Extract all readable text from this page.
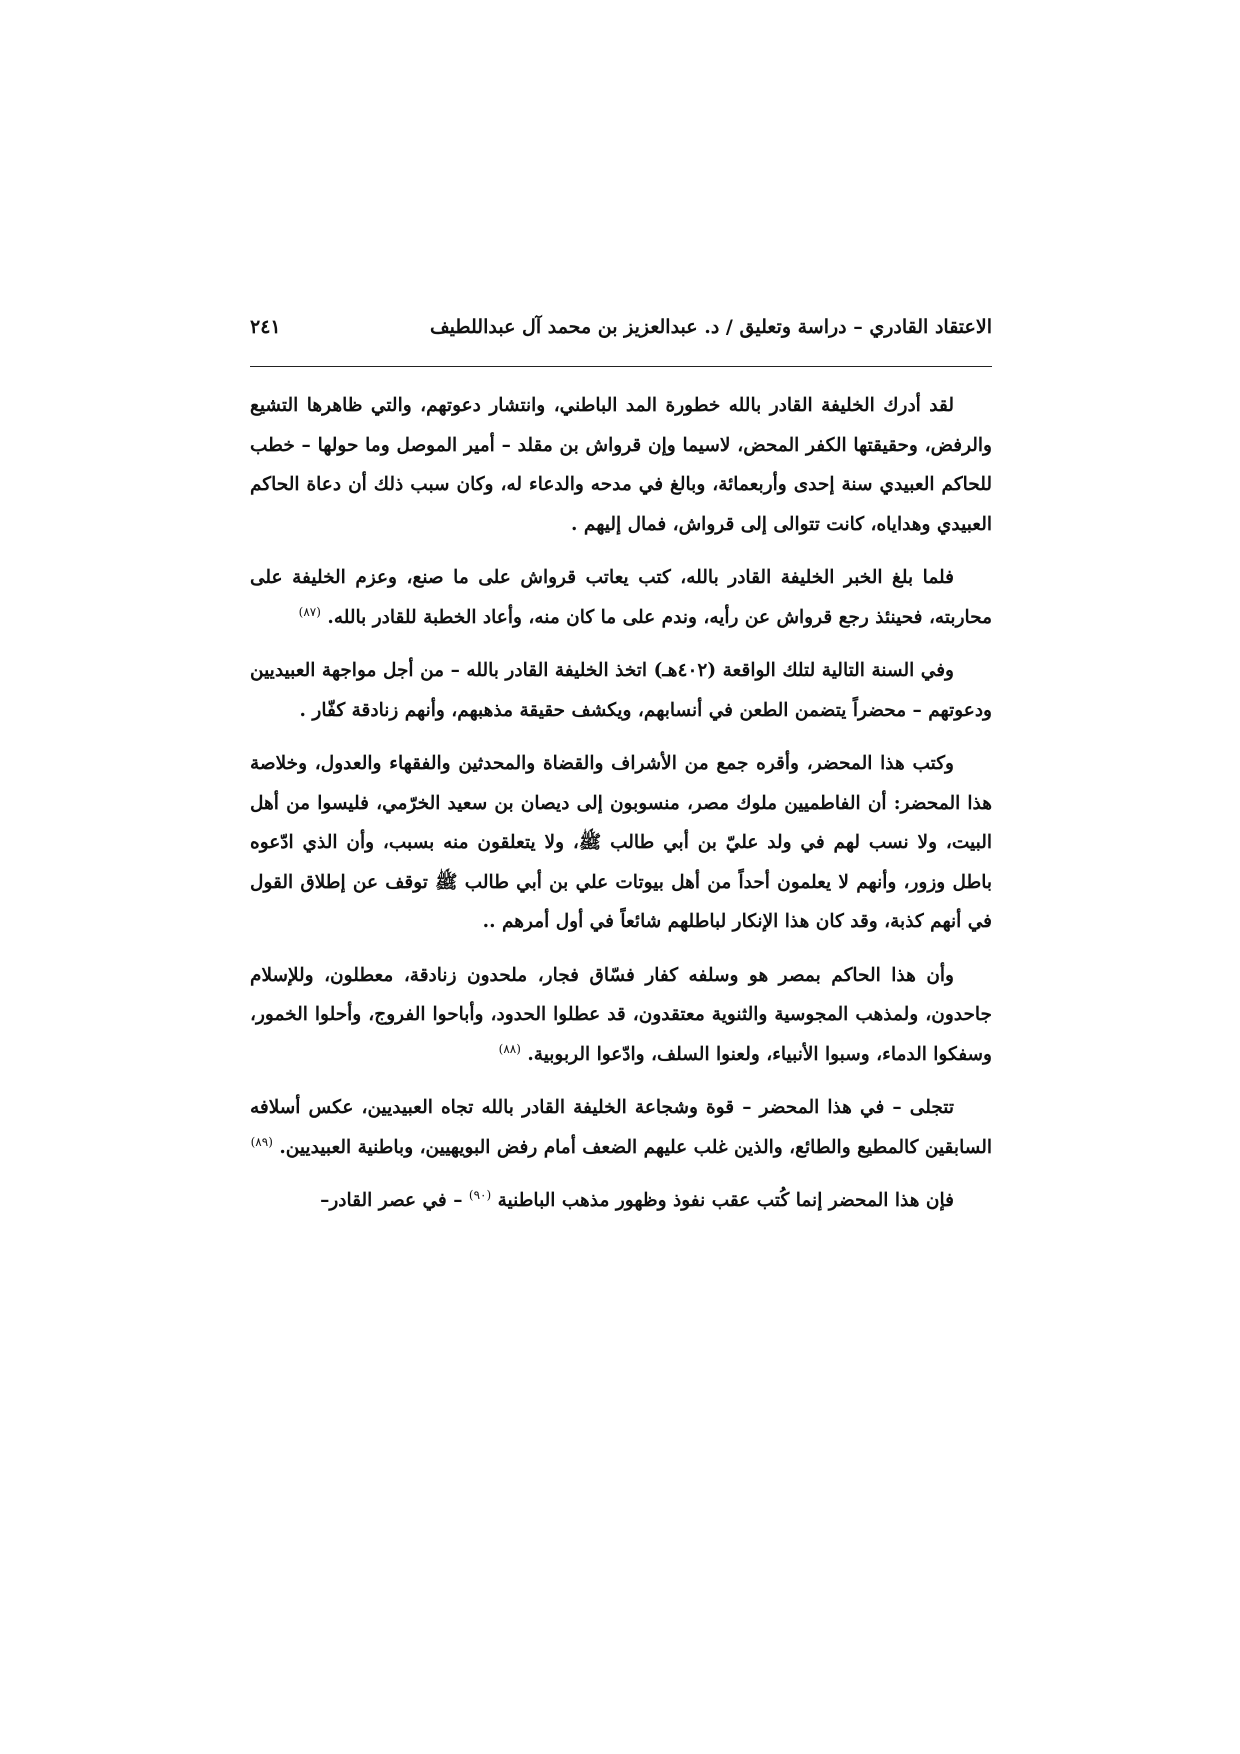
الاعتقاد القادري – دراسة وتعليق / د. عبدالعزيز بن محمد آل عبداللطيف
٢٤١

لقد أدرك الخليفة القادر بالله خطورة المد الباطني، وانتشار دعوتهم، والتي ظاهرها التشيع والرفض، وحقيقتها الكفر المحض، لاسيما وإن قرواش بن مقلد – أمير الموصل وما حولها – خطب للحاكم العبيدي سنة إحدى وأربعمائة، وبالغ في مدحه والدعاء له، وكان سبب ذلك أن دعاة الحاكم العبيدي وهداياه، كانت تتوالى إلى قرواش، فمال إليهم .

فلما بلغ الخبر الخليفة القادر بالله، كتب يعاتب قرواش على ما صنع، وعزم الخليفة على محاربته، فحينئذ رجع قرواش عن رأيه، وندم على ما كان منه، وأعاد الخطبة للقادر بالله. $^{(٨٧)}$

وفي السنة التالية لتلك الواقعة (٤٠٢هـ) اتخذ الخليفة القادر بالله – من أجل مواجهة العبيديين ودعوتهم – محضراً يتضمن الطعن في أنسابهم، ويكشف حقيقة مذهبهم، وأنهم زنادقة كفّار .

وكتب هذا المحضر، وأقره جمع من الأشراف والقضاة والمحدثين والفقهاء والعدول، وخلاصة هذا المحضر: أن الفاطميين ملوك مصر، منسوبون إلى ديصان بن سعيد الخرّمي، فليسوا من أهل البيت، ولا نسب لهم في ولد عليّ بن أبي طالب ﷺ، ولا يتعلقون منه بسبب، وأن الذي ادّعوه باطل وزور، وأنهم لا يعلمون أحداً من أهل بيوتات علي بن أبي طالب ﷺ توقف عن إطلاق القول في أنهم كذبة، وقد كان هذا الإنكار لباطلهم شائعاً في أول أمرهم ..

وأن هذا الحاكم بمصر هو وسلفه كفار فسّاق فجار، ملحدون زنادقة، معطلون، وللإسلام جاحدون، ولمذهب المجوسية والثنوية معتقدون، قد عطلوا الحدود، وأباحوا الفروج، وأحلوا الخمور، وسفكوا الدماء، وسبوا الأنبياء، ولعنوا السلف، وادّعوا الربوبية. $^{(٨٨)}$

تتجلى – في هذا المحضر – قوة وشجاعة الخليفة القادر بالله تجاه العبيديين، عكس أسلافه السابقين كالمطيع والطائع، والذين غلب عليهم الضعف أمام رفض البويهيين، وباطنية العبيديين. $^{(٨٩)}$

فإن هذا المحضر إنما كُتب عقب نفوذ وظهور مذهب الباطنية $^{(٩٠)}$ – في عصر القادر–
